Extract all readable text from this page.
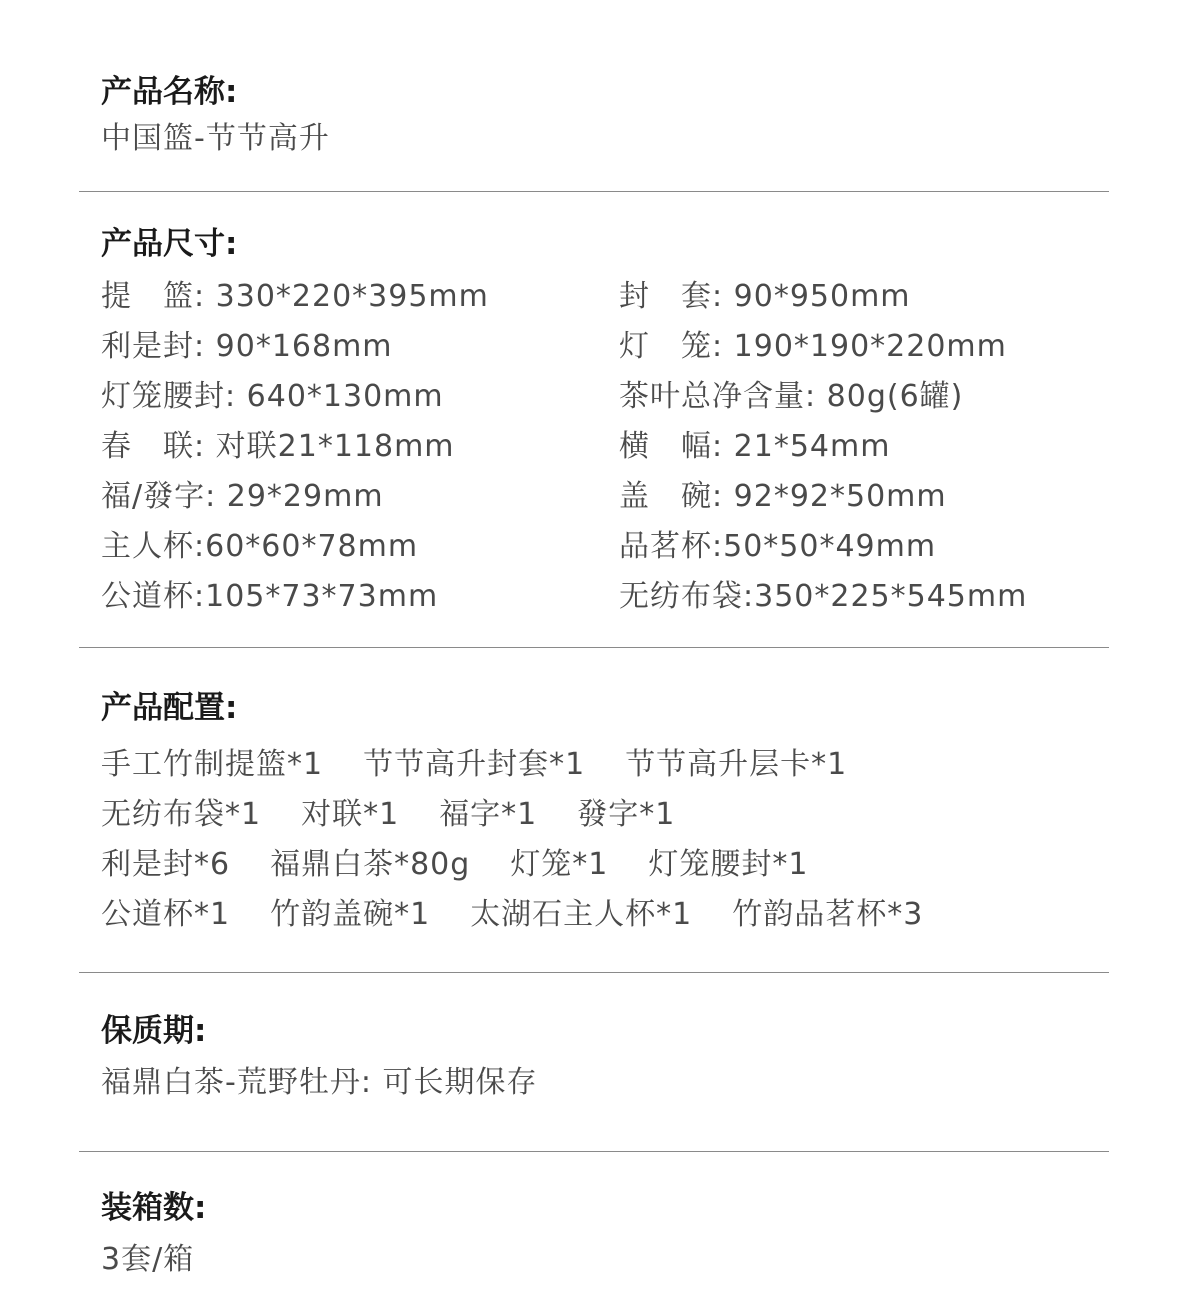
产品名称:
中国篮-节节高升
产品尺寸:
提　篮: 330*220*395mm	封　套: 90*950mm
利是封: 90*168mm	灯　笼: 190*190*220mm
灯笼腰封: 640*130mm	茶叶总净含量: 80g(6罐)
春　联: 对联21*118mm	横　幅: 21*54mm
福/發字: 29*29mm	盖　碗: 92*92*50mm
主人杯:60*60*78mm	品茗杯:50*50*49mm
公道杯:105*73*73mm	无纺布袋:350*225*545mm
产品配置:
手工竹制提篮*1 节节高升封套*1 节节高升层卡*1
无纺布袋*1 对联*1 福字*1 發字*1
利是封*6 福鼎白茶*80g 灯笼*1 灯笼腰封*1
公道杯*1 竹韵盖碗*1 太湖石主人杯*1 竹韵品茗杯*3
保质期:
福鼎白茶-荒野牡丹: 可长期保存
装箱数:
3套/箱
